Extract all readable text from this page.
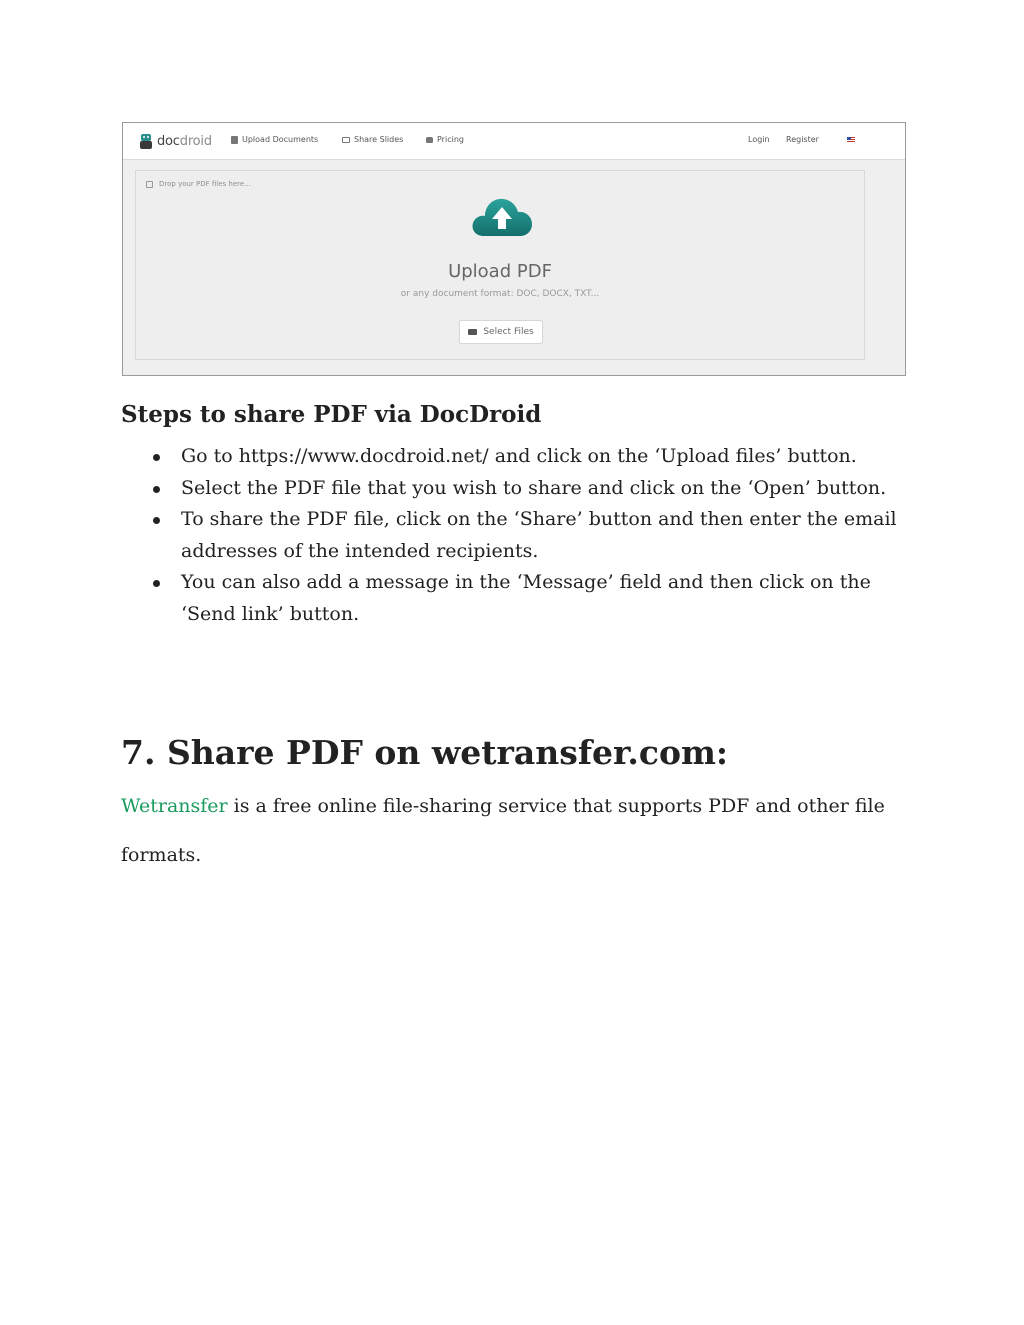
docdroid	Upload Documents	Share Slides	Pricing	Login Register
Drop your PDF files here...
Upload PDF
or any document format: DOC, DOCX, TXT...
Select Files
Steps to share PDF via DocDroid
Go to https://www.docdroid.net/ and click on the ‘Upload files’ button.
Select the PDF file that you wish to share and click on the ‘Open’ button.
To share the PDF file, click on the ‘Share’ button and then enter the email addresses of the intended recipients.
You can also add a message in the ‘Message’ field and then click on the ‘Send link’ button.
7. Share PDF on wetransfer.com:

Wetransfer is a free online file-sharing service that supports PDF and other file formats.
